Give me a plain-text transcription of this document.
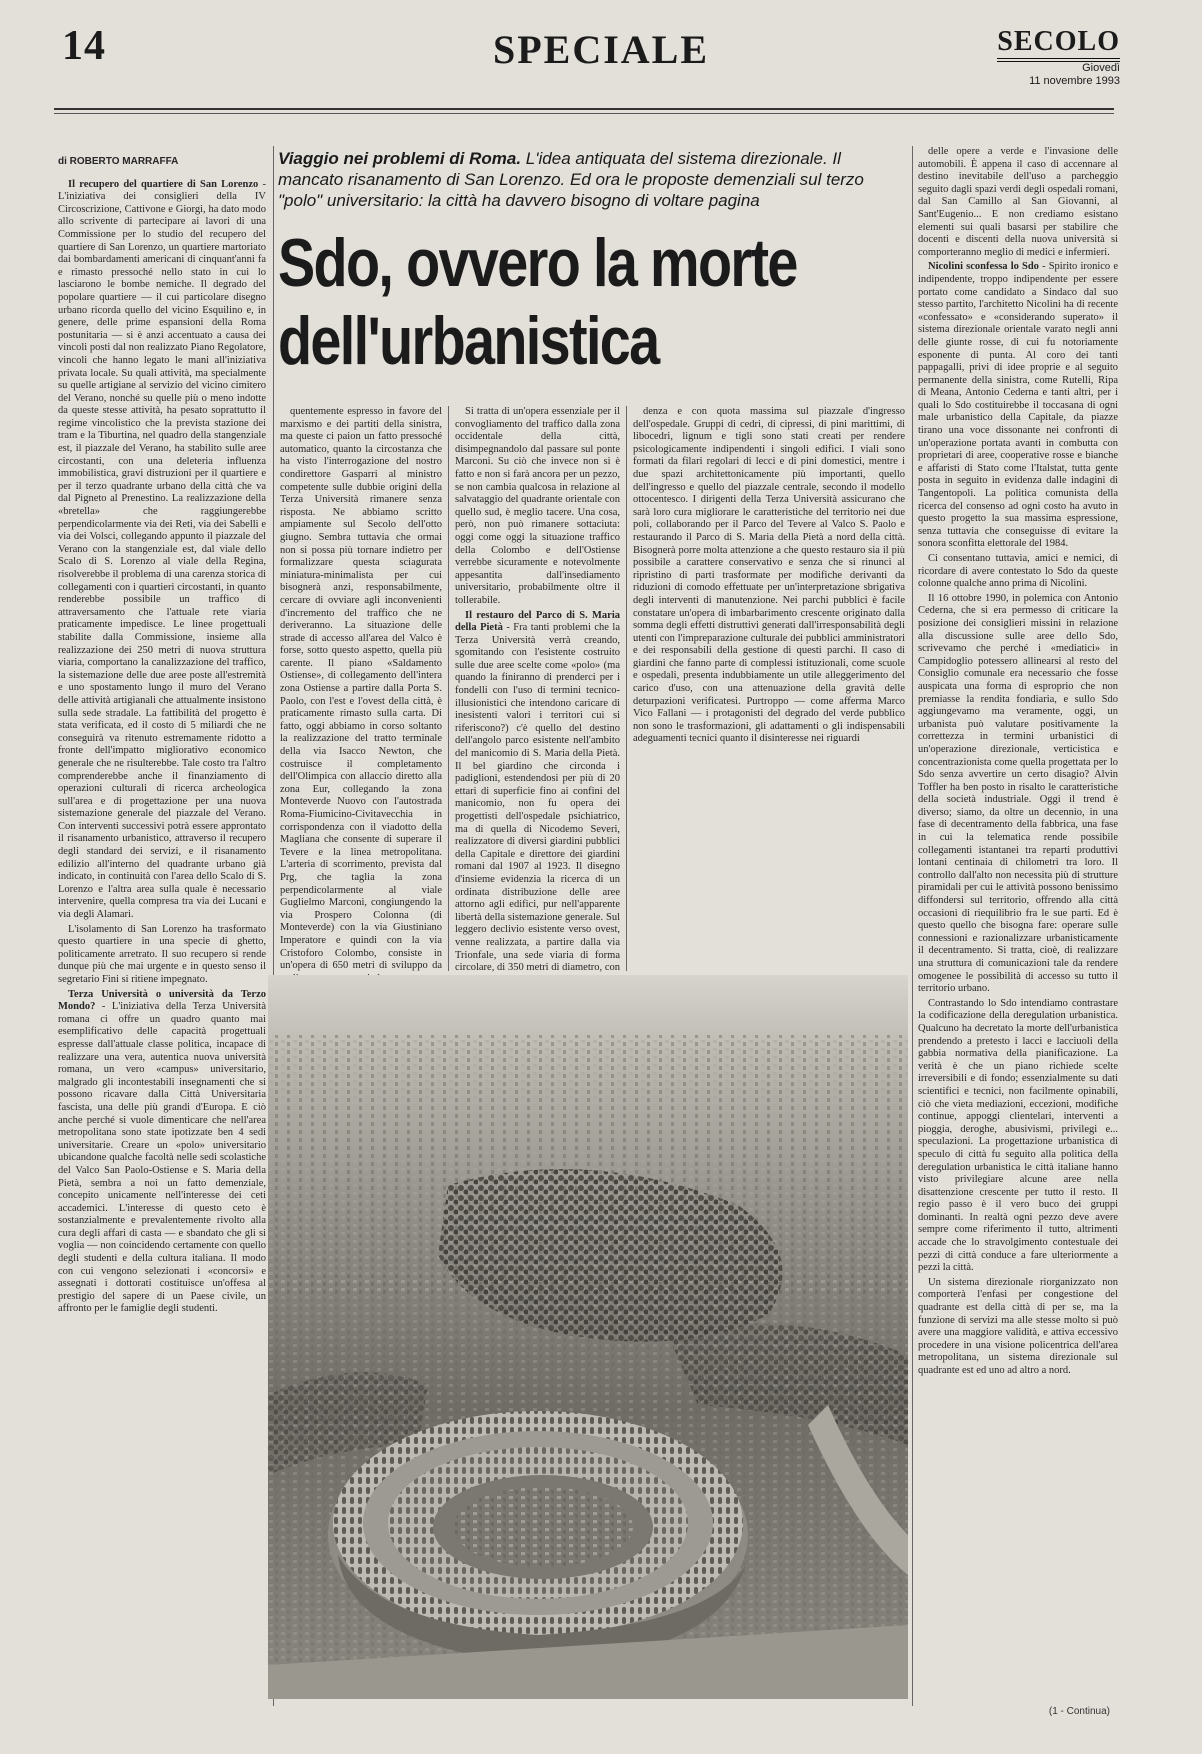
14	SPECIALE	SECOLO
Giovedì
11 novembre 1993

di ROBERTO MARRAFFA

Il recupero del quartiere di San Lorenzo - L'iniziativa dei consiglieri della IV Circoscrizione, Cattivone e Giorgi, ha dato modo allo scrivente di partecipare ai lavori di una Commissione per lo studio del recupero del quartiere di San Lorenzo, un quartiere martoriato dai bombardamenti americani di cinquant'anni fa e rimasto pressoché nello stato in cui lo lasciarono le bombe nemiche. Il degrado del popolare quartiere — il cui particolare disegno urbano ricorda quello del vicino Esquilino e, in genere, delle prime espansioni della Roma postunitaria — si è anzi accentuato a causa dei vincoli posti dal non realizzato Piano Regolatore, vincoli che hanno legato le mani all'iniziativa privata locale. Su quali attività, ma specialmente su quelle artigiane al servizio del vicino cimitero del Verano, nonché su quelle più o meno indotte da queste stesse attività, ha pesato soprattutto il regime vincolistico che la prevista stazione dei tram e la Tiburtina, nel quadro della stangenziale est, il piazzale del Verano, ha stabilito sulle aree circostanti, con una deleteria influenza immobilistica, gravi distruzioni per il quartiere e per il terzo quadrante urbano della città che va dal Pigneto al Prenestino. La realizzazione della «bretella» che raggiungerebbe perpendicolarmente via dei Reti, via dei Sabelli e via dei Volsci, collegando appunto il piazzale del Verano con la stangenziale est, dal viale dello Scalo di S. Lorenzo al viale della Regina, risolverebbe il problema di una carenza storica di collegamenti con i quartieri circostanti, in quanto renderebbe possibile un traffico di attraversamento che l'attuale rete viaria praticamente impedisce. Le linee progettuali stabilite dalla Commissione, insieme alla realizzazione dei 250 metri di nuova struttura viaria, comportano la canalizzazione del traffico, la sistemazione delle due aree poste all'estremità e uno spostamento lungo il muro del Verano delle attività artigianali che attualmente insistono sulla sede stradale. La fattibilità del progetto è stata verificata, ed il costo di 5 miliardi che ne conseguirà va ritenuto estremamente ridotto a fronte dell'impatto migliorativo economico generale che ne risulterebbe. Tale costo tra l'altro comprenderebbe anche il finanziamento di operazioni culturali di ricerca archeologica sull'area e di progettazione per una nuova sistemazione generale del piazzale del Verano. Con interventi successivi potrà essere approntato il risanamento urbanistico, attraverso il recupero degli standard dei servizi, e il risanamento edilizio all'interno del quadrante urbano già indicato, in continuità con l'area dello Scalo di S. Lorenzo e l'altra area sulla quale è necessario intervenire, quella compresa tra via dei Lucani e via degli Alamari.

L'isolamento di San Lorenzo ha trasformato questo quartiere in una specie di ghetto, politicamente arretrato. Il suo recupero si rende dunque più che mai urgente e in questo senso il segretario Fini si ritiene impegnato.

Terza Università o università da Terzo Mondo? - L'iniziativa della Terza Università romana ci offre un quadro quanto mai esemplificativo delle capacità progettuali espresse dall'attuale classe politica, incapace di realizzare una vera, autentica nuova università romana, un vero «campus» universitario, malgrado gli incontestabili insegnamenti che si possono ricavare dalla Città Universitaria fascista, una delle più grandi d'Europa. E ciò anche perché si vuole dimenticare che nell'area metropolitana sono state ipotizzate ben 4 sedi universitarie. Creare un «polo» universitario ubicandone qualche facoltà nelle sedi scolastiche del Valco San Paolo-Ostiense e S. Maria della Pietà, sembra a noi un fatto demenziale, concepito unicamente nell'interesse dei ceti accademici. L'interesse di questo ceto è sostanzialmente e prevalentemente rivolto alla cura degli affari di casta — e sbandato che gli si voglia — non coincidendo certamente con quello degli studenti e della cultura italiana. Il modo con cui vengono selezionati i «concorsi» e assegnati i dottorati costituisce un'offesa al prestigio del sapere di un Paese civile, un affronto per le famiglie degli studenti.

Viaggio nei problemi di Roma. L'idea antiquata del sistema direzionale. Il mancato risanamento di San Lorenzo. Ed ora le proposte demenziali sul terzo "polo" universitario: la città ha davvero bisogno di voltare pagina
Sdo, ovvero la morte
dell'urbanistica

quentemente espresso in favore del marxismo e dei partiti della sinistra, ma queste ci paion un fatto pressoché automatico, quanto la circostanza che ha visto l'interrogazione del nostro condirettore Gasparri al ministro competente sulle dubbie origini della Terza Università rimanere senza risposta. Ne abbiamo scritto ampiamente sul Secolo dell'otto giugno. Sembra tuttavia che ormai non si possa più tornare indietro per formalizzare questa sciagurata miniatura-minimalista per cui bisognerà anzi, responsabilmente, cercare di ovviare agli inconvenienti d'incremento del traffico che ne deriveranno. La situazione delle strade di accesso all'area del Valco è forse, sotto questo aspetto, quella più carente. Il piano «Saldamento Ostiense», di collegamento dell'intera zona Ostiense a partire dalla Porta S. Paolo, con l'est e l'ovest della città, è praticamente rimasto sulla carta. Di fatto, oggi abbiamo in corso soltanto la realizzazione del tratto terminale della via Isacco Newton, che costruisce il completamento dell'Olimpica con allaccio diretto alla zona Eur, collegando la zona Monteverde Nuovo con l'autostrada Roma-Fiumicino-Civitavecchia in corrispondenza con il viadotto della Magliana che consente di superare il Tevere e la linea metropolitana. L'arteria di scorrimento, prevista dal Prg, che taglia la zona perpendicolarmente al viale Guglielmo Marconi, congiungendo la via Prospero Colonna (di Monteverde) con la via Giustiniano Imperatore e quindi con la via Cristoforo Colombo, consiste in un'opera di 650 metri di sviluppo da

Si tratta di un'opera essenziale per il convogliamento del traffico dalla zona occidentale della città, disimpegnandolo dal passare sul ponte Marconi. Su ciò che invece non si è fatto e non si farà ancora per un pezzo, se non cambia qualcosa in relazione al salvataggio del quadrante orientale con quello sud, è meglio tacere. Una cosa, però, non può rimanere sottaciuta: oggi come oggi la situazione traffico della Colombo e dell'Ostiense verrebbe sicuramente e notevolmente appesantita dall'insediamento universitario, probabilmente oltre il tollerabile.

Il restauro del Parco di S. Maria della Pietà - Fra tanti problemi che la Terza Università verrà creando, sgomitando con l'esistente costruito sulle due aree scelte come «polo» (ma quando la finiranno di prenderci per i fondelli con l'uso di termini tecnico-illusionistici che intendono caricare di inesistenti valori i territori cui si riferiscono?) c'è quello del destino dell'angolo parco esistente nell'ambito del manicomio di S. Maria della Pietà. Il bel giardino che circonda i padiglioni, estendendosi per più di 20 ettari di superficie fino ai confini del manicomio, non fu opera dei progettisti dell'ospedale psichiatrico, ma di quella di Nicodemo Severi, realizzatore di diversi giardini pubblici della Capitale e direttore dei giardini romani dal 1907 al 1923. Il disegno d'insieme evidenzia la ricerca di un ordinata distribuzione delle aree attorno agli edifici, pur nell'apparente libertà della sistemazione generale. Sul leggero declivio esistente verso ovest, venne realizzata, a partire dalla via Trionfale, una sede viaria di forma circolare, di 350 metri di diametro, con

denza e con quota massima sul piazzale d'ingresso dell'ospedale. Gruppi di cedri, di cipressi, di pini marittimi, di libocedri, lignum e tigli sono stati creati per rendere psicologicamente indipendenti i singoli edifici. I viali sono formati da filari regolari di lecci e di pini domestici, mentre i due spazi architettonicamente più importanti, quello dell'ingresso e quello del piazzale centrale, secondo il modello ottocentesco. I dirigenti della Terza Università assicurano che sarà loro cura migliorare le caratteristiche del territorio nei due poli, collaborando per il Parco del Tevere al Valco S. Paolo e restaurando il Parco di S. Maria della Pietà a nord della città. Bisognerà porre molta attenzione a che questo restauro sia il più possibile a carattere conservativo e senza che si rinunci al ripristino di parti trasformate per modifiche derivanti da riduzioni di comodo effettuate per un'interpretazione sbrigativa degli interventi di manutenzione. Nei parchi pubblici è facile constatare un'opera di imbarbarimento crescente originato dalla somma degli effetti distruttivi generati dall'irresponsabilità degli utenti con l'impreparazione culturale dei pubblici amministratori e dei responsabili della gestione di questi parchi. Il caso di giardini che fanno parte di complessi istituzionali, come scuole e ospedali, presenta indubbiamente un utile alleggerimento del carico d'uso, con una attenuazione della gravità delle deturpazioni verificatesi. Purtroppo — come afferma Marco Vico Fallani — i protagonisti del degrado del verde pubblico non sono le trasformazioni, gli adattamenti o gli indispensabili adeguamenti tecnici quanto il disinteresse nei riguardi

delle opere a verde e l'invasione delle automobili. È appena il caso di accennare al destino inevitabile dell'uso a parcheggio seguito dagli spazi verdi degli ospedali romani, dal San Camillo al San Giovanni, al Sant'Eugenio... E non crediamo esistano elementi sui quali basarsi per stabilire che docenti e discenti della nuova università si comporteranno meglio di medici e infermieri.

Nicolini sconfessa lo Sdo - Spirito ironico e indipendente, troppo indipendente per essere portato come candidato a Sindaco dal suo stesso partito, l'architetto Nicolini ha di recente «confessato» e «considerando superato» il sistema direzionale orientale varato negli anni delle giunte rosse, di cui fu notoriamente esponente di punta. Al coro dei tanti pappagalli, privi di idee proprie e al seguito permanente della sinistra, come Rutelli, Ripa di Meana, Antonio Cederna e tanti altri, per i quali lo Sdo costituirebbe il toccasana di ogni male urbanistico della Capitale, da piazze tirano una voce dissonante nei confronti di un'operazione portata avanti in combutta con proprietari di aree, cooperative rosse e bianche e affaristi di Stato come l'Italstat, tutta gente posta in seguito in evidenza dalle indagini di Tangentopoli. La politica comunista della ricerca del consenso ad ogni costo ha avuto in questo progetto la sua massima espressione, senza tuttavia che conseguisse di evitare la sonora sconfitta elettorale del 1984.

Ci consentano tuttavia, amici e nemici, di ricordare di avere contestato lo Sdo da queste colonne qualche anno prima di Nicolini.

Il 16 ottobre 1990, in polemica con Antonio Cederna, che si era permesso di criticare la posizione dei consiglieri missini in relazione alla discussione sulle aree dello Sdo, scrivevamo che perché i «mediatici» in Campidoglio potessero allinearsi al resto del Consiglio comunale era necessario che fosse auspicata una forma di esproprio che non premiasse la rendita fondiaria, e sullo Sdo aggiungevamo ma veramente, oggi, un urbanista può valutare positivamente la correttezza in termini urbanistici di un'operazione direzionale, verticistica e concentrazionista come quella progettata per lo Sdo senza avvertire un certo disagio? Alvin Toffler ha ben posto in risalto le caratteristiche della società industriale. Oggi il trend è diverso; siamo, da oltre un decennio, in una fase di decentramento della fabbrica, una fase in cui la telematica rende possibile collegamenti istantanei tra reparti produttivi lontani centinaia di chilometri tra loro. Il controllo dall'alto non necessita più di strutture piramidali per cui le attività possono benissimo diffondersi sul territorio, offrendo alla città occasioni di riequilibrio fra le sue parti. Ed è questo quello che bisogna fare: operare sulle connessioni e razionalizzare urbanisticamente il decentramento. Si tratta, cioè, di realizzare una struttura di comunicazioni tale da rendere omogenee le possibilità di accesso su tutto il territorio urbano.

Contrastando lo Sdo intendiamo contrastare la codificazione della deregulation urbanistica. Qualcuno ha decretato la morte dell'urbanistica prendendo a pretesto i lacci e lacciuoli della gabbia normativa della pianificazione. La verità è che un piano richiede scelte irreversibili e di fondo; essenzialmente su dati scientifici e tecnici, non facilmente opinabili, ciò che vieta mediazioni, eccezioni, modifiche continue, appoggi clientelari, interventi a pioggia, deroghe, abusivismi, privilegi e... speculazioni. La progettazione urbanistica di speculo di città fu seguito alla politica della deregulation urbanistica le città italiane hanno visto privilegiare alcune aree nella disattenzione crescente per tutto il resto. Il regio passo è il vero buco dei gruppi dominanti. In realtà ogni pezzo deve avere sempre come riferimento il tutto, altrimenti accade che lo stravolgimento contestuale dei pezzi di città conduce a fare ulteriormente a pezzi la città.

Un sistema direzionale riorganizzato non comporterà l'enfasi per congestione del quadrante est della città di per se, ma la funzione di servizi ma alle stesse molto si può avere una maggiore validità, e attiva eccessivo procedere in una visione policentrica dell'area metropolitana, un sistema direzionale sul quadrante est ed uno ad altro a nord.

(1 - Continua)
